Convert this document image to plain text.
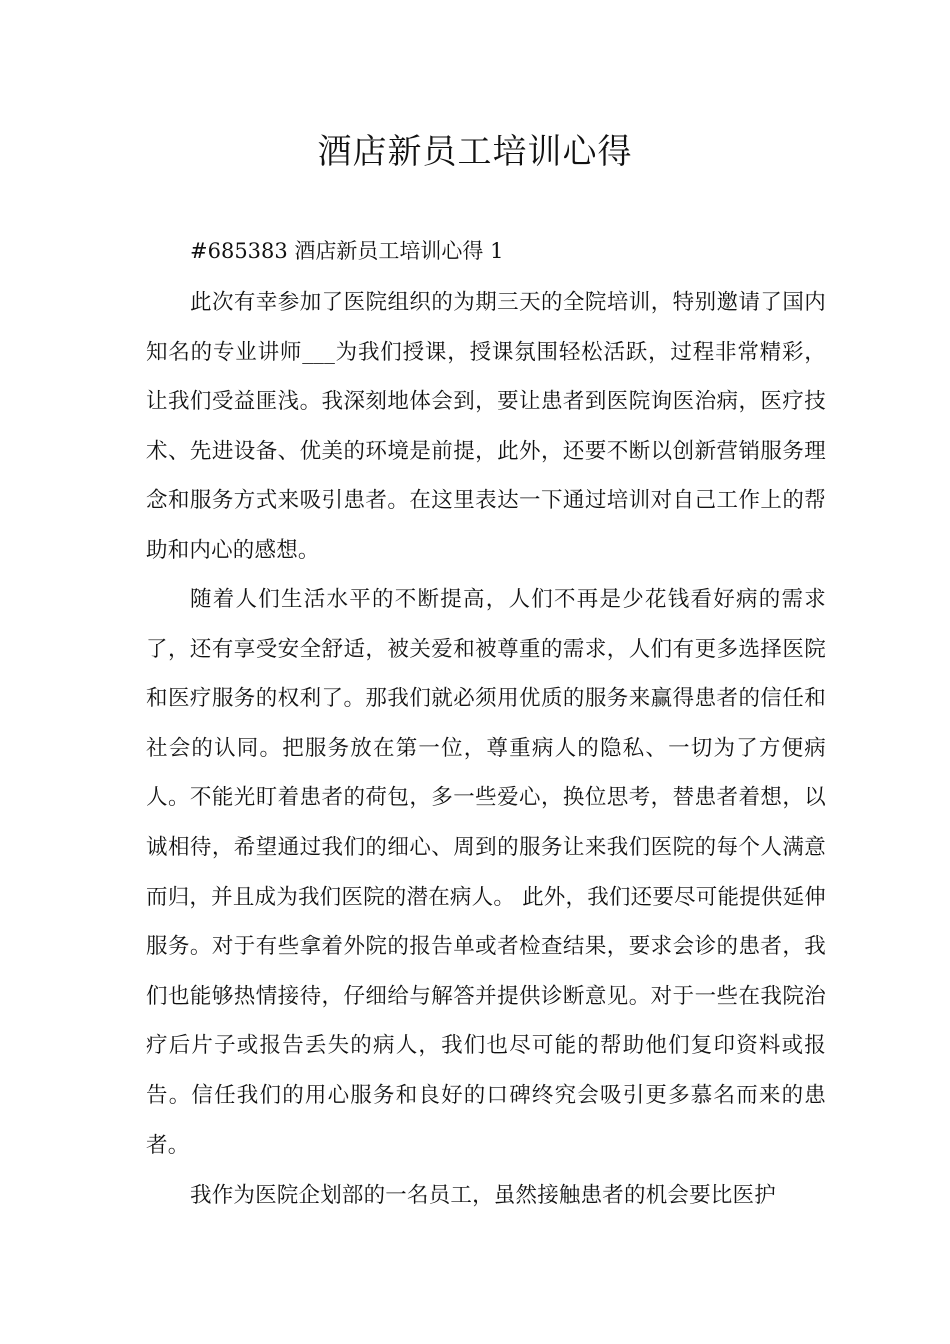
酒店新员工培训心得

#685383 酒店新员工培训心得 1

此次有幸参加了医院组织的为期三天的全院培训，特别邀请了国内知名的专业讲师___为我们授课，授课氛围轻松活跃，过程非常精彩，让我们受益匪浅。我深刻地体会到，要让患者到医院询医治病，医疗技术、先进设备、优美的环境是前提，此外，还要不断以创新营销服务理念和服务方式来吸引患者。在这里表达一下通过培训对自己工作上的帮助和内心的感想。

随着人们生活水平的不断提高，人们不再是少花钱看好病的需求了，还有享受安全舒适，被关爱和被尊重的需求，人们有更多选择医院和医疗服务的权利了。那我们就必须用优质的服务来赢得患者的信任和社会的认同。把服务放在第一位，尊重病人的隐私、一切为了方便病人。不能光盯着患者的荷包，多一些爱心，换位思考，替患者着想，以诚相待，希望通过我们的细心、周到的服务让来我们医院的每个人满意而归，并且成为我们医院的潜在病人。 此外，我们还要尽可能提供延伸服务。对于有些拿着外院的报告单或者检查结果，要求会诊的患者，我们也能够热情接待，仔细给与解答并提供诊断意见。对于一些在我院治疗后片子或报告丢失的病人，我们也尽可能的帮助他们复印资料或报告。信任我们的用心服务和良好的口碑终究会吸引更多慕名而来的患者。

我作为医院企划部的一名员工，虽然接触患者的机会要比医护
